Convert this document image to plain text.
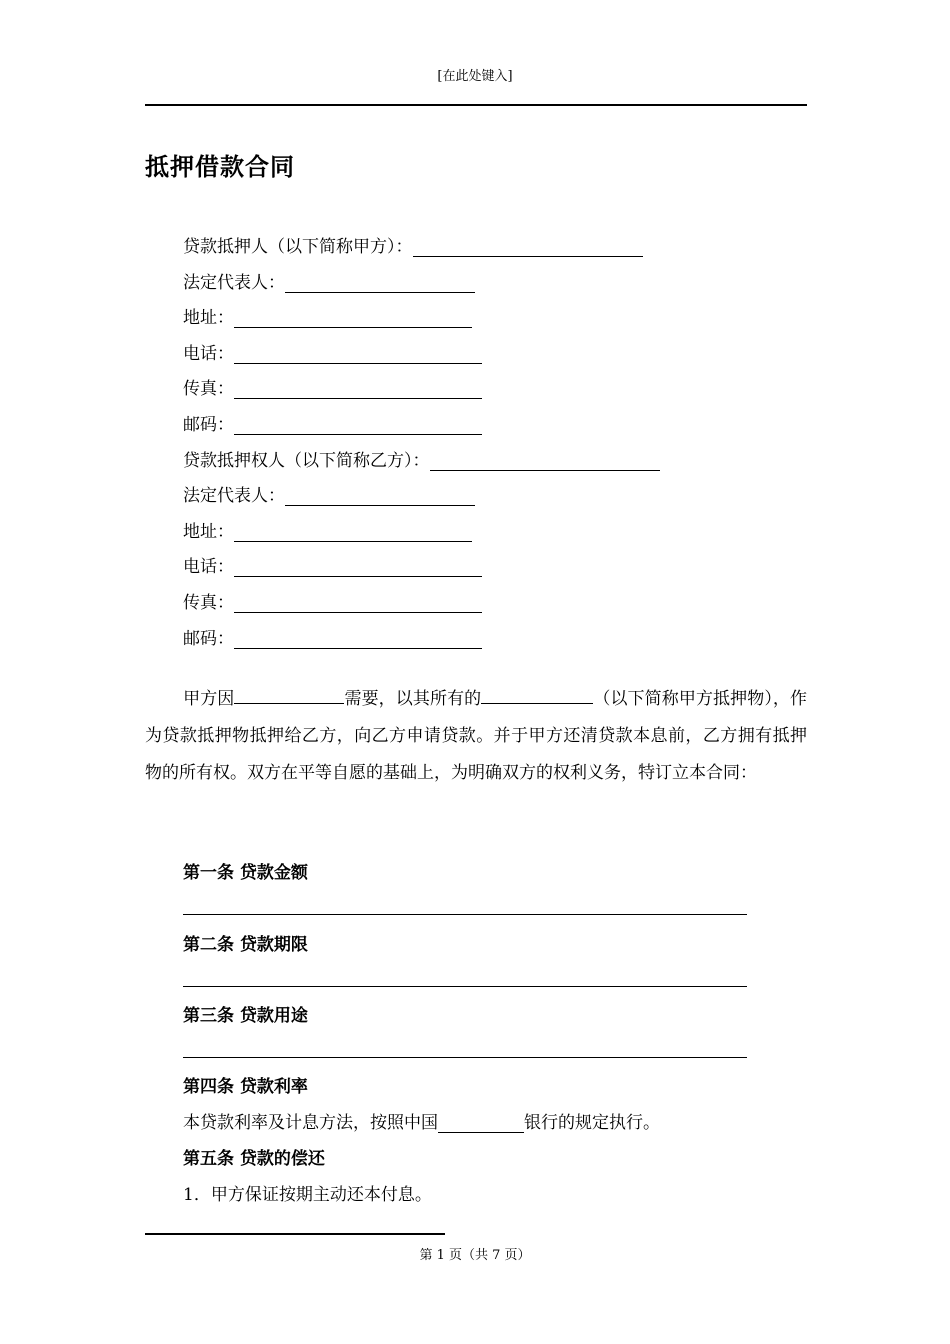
[在此处键入]
抵押借款合同
贷款抵押人（以下简称甲方）：
法定代表人：
地址：
电话：
传真：
邮码：
贷款抵押权人（以下简称乙方）：
法定代表人：
地址：
电话：
传真：
邮码：
甲方因	需要，以其所有的	（以下简称甲方抵押物），作为贷款抵押物抵押给乙方，向乙方申请贷款。并于甲方还清贷款本息前，乙方拥有抵押物的所有权。双方在平等自愿的基础上，为明确双方的权利义务，特订立本合同：
第一条 贷款金额
第二条 贷款期限
第三条 贷款用途
第四条 贷款利率
本贷款利率及计息方法，按照中国	银行的规定执行。
第五条 贷款的偿还
1．甲方保证按期主动还本付息。
第 1 页（共 7 页）
